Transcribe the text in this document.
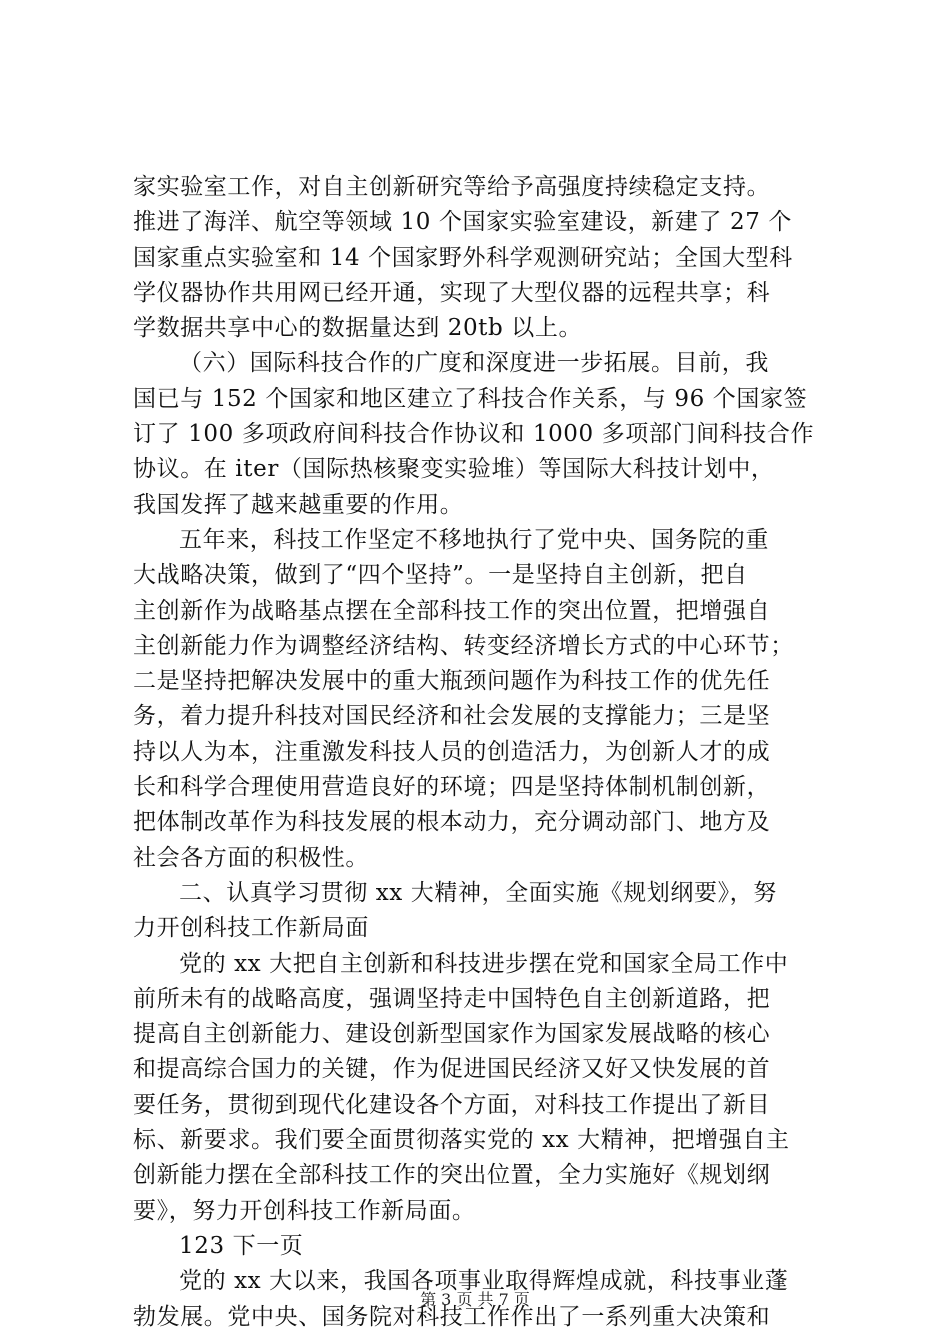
家实验室工作，对自主创新研究等给予高强度持续稳定支持。
推进了海洋、航空等领域 10 个国家实验室建设，新建了 27 个
国家重点实验室和 14 个国家野外科学观测研究站；全国大型科
学仪器协作共用网已经开通，实现了大型仪器的远程共享；科
学数据共享中心的数据量达到 20tb 以上。
（六）国际科技合作的广度和深度进一步拓展。目前，我
国已与 152 个国家和地区建立了科技合作关系，与 96 个国家签
订了 100 多项政府间科技合作协议和 1000 多项部门间科技合作
协议。在 iter（国际热核聚变实验堆）等国际大科技计划中，
我国发挥了越来越重要的作用。
五年来，科技工作坚定不移地执行了党中央、国务院的重
大战略决策，做到了“四个坚持”。一是坚持自主创新，把自
主创新作为战略基点摆在全部科技工作的突出位置，把增强自
主创新能力作为调整经济结构、转变经济增长方式的中心环节；
二是坚持把解决发展中的重大瓶颈问题作为科技工作的优先任
务，着力提升科技对国民经济和社会发展的支撑能力；三是坚
持以人为本，注重激发科技人员的创造活力，为创新人才的成
长和科学合理使用营造良好的环境；四是坚持体制机制创新，
把体制改革作为科技发展的根本动力，充分调动部门、地方及
社会各方面的积极性。
二、认真学习贯彻 xx 大精神，全面实施《规划纲要》，努
力开创科技工作新局面
党的 xx 大把自主创新和科技进步摆在党和国家全局工作中
前所未有的战略高度，强调坚持走中国特色自主创新道路，把
提高自主创新能力、建设创新型国家作为国家发展战略的核心
和提高综合国力的关键，作为促进国民经济又好又快发展的首
要任务，贯彻到现代化建设各个方面，对科技工作提出了新目
标、新要求。我们要全面贯彻落实党的 xx 大精神，把增强自主
创新能力摆在全部科技工作的突出位置，全力实施好《规划纲
要》，努力开创科技工作新局面。
123 下一页
党的 xx 大以来，我国各项事业取得辉煌成就，科技事业蓬
勃发展。党中央、国务院对科技工作作出了一系列重大决策和
第 3 页 共 7 页
